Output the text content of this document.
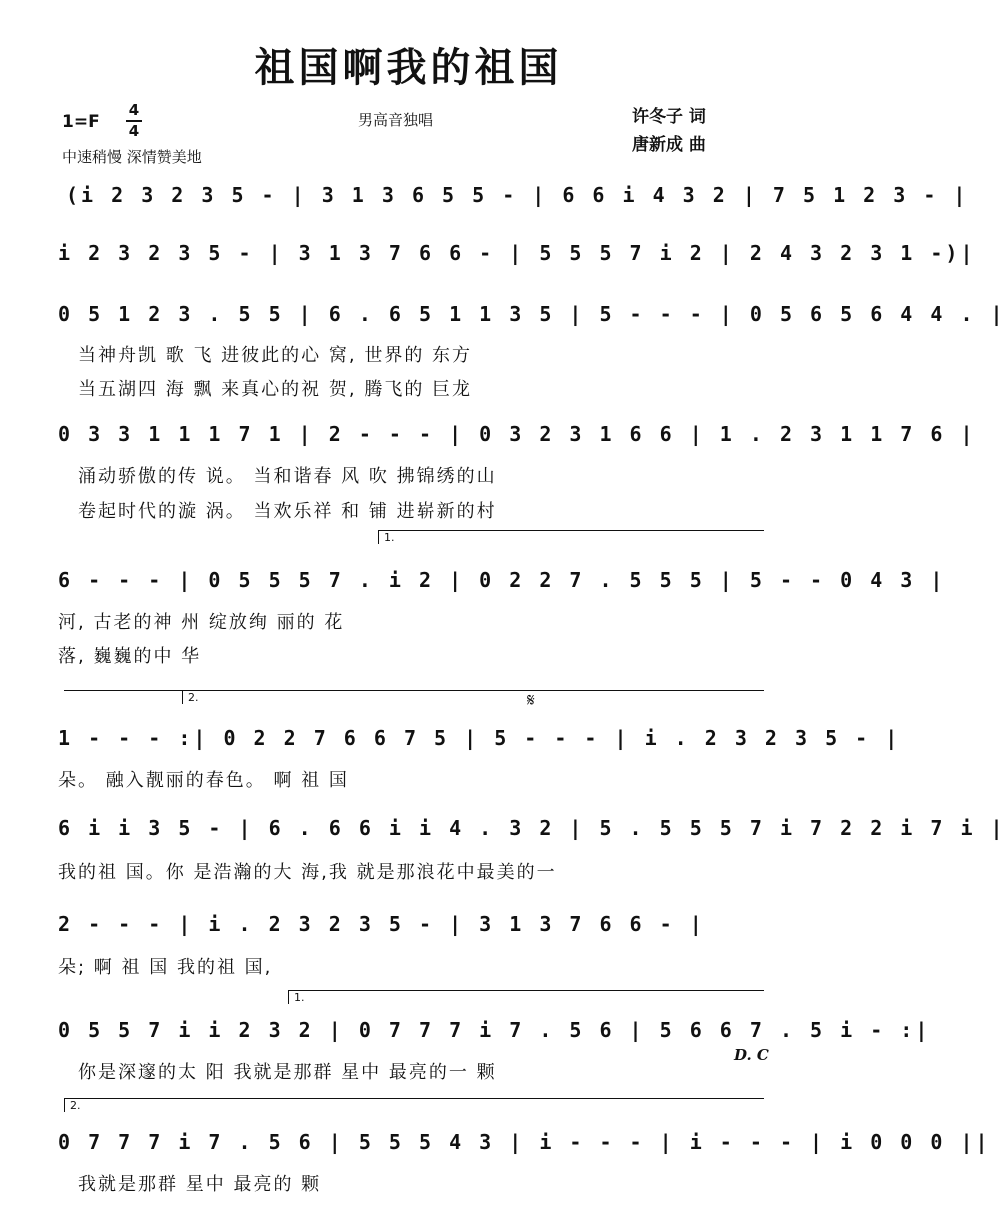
祖国啊我的祖国
1=F
4
4
男高音独唱	许冬子 词
唐新成 曲
中速稍慢 深情赞美地
(i 2 3 2 3 5 - | 3 1 3 6 5 5 - | 6 6 i 4 3 2 | 7 5 1 2 3 - |
i 2 3 2 3 5 - | 3 1 3 7 6 6 - | 5 5 5 7 i 2 | 2 4 3 2 3 1 -)|
0 5 1 2 3 . 5 5 | 6 . 6 5 1 1 3 5 | 5 - - - | 0 5 6 5 6 4 4 . |
当神舟凯 歌 飞 进彼此的心 窝, 世界的 东方
当五湖四 海 飘 来真心的祝 贺, 腾飞的 巨龙
0 3 3 1 1 1 7 1 | 2 - - - | 0 3 2 3 1 6 6 | 1 . 2 3 1 1 7 6 |
涌动骄傲的传 说。 当和谐春 风 吹 拂锦绣的山
卷起时代的漩 涡。 当欢乐祥 和 铺 进崭新的村
1.
6 - - - | 0 5 5 5 7 . i 2 | 0 2 2 7 . 5 5 5 | 5 - - 0 4 3 |
河, 古老的神 州 绽放绚 丽的 花
落, 巍巍的中 华
2.	𝄋
1 - - - :| 0 2 2 7 6 6 7 5 | 5 - - - | i . 2 3 2 3 5 - |
朵。 融入靓丽的春色。 啊 祖 国
6 i i 3 5 - | 6 . 6 6 i i 4 . 3 2 | 5 . 5 5 5 7 i 7 2 2 i 7 i |
我的祖 国。你 是浩瀚的大 海,我 就是那浪花中最美的一
2 - - - | i . 2 3 2 3 5 - | 3 1 3 7 6 6 - |
朵; 啊 祖 国 我的祖 国,
1.
0 5 5 7 i i 2 3 2 | 0 7 7 7 i 7 . 5 6 | 5 6 6 7 . 5 i - :|
你是深邃的太 阳 我就是那群 星中 最亮的一 颗
D. C
2.
0 7 7 7 i 7 . 5 6 | 5 5 5 4 3 | i - - - | i - - - | i 0 0 0 ||
我就是那群 星中 最亮的 颗
